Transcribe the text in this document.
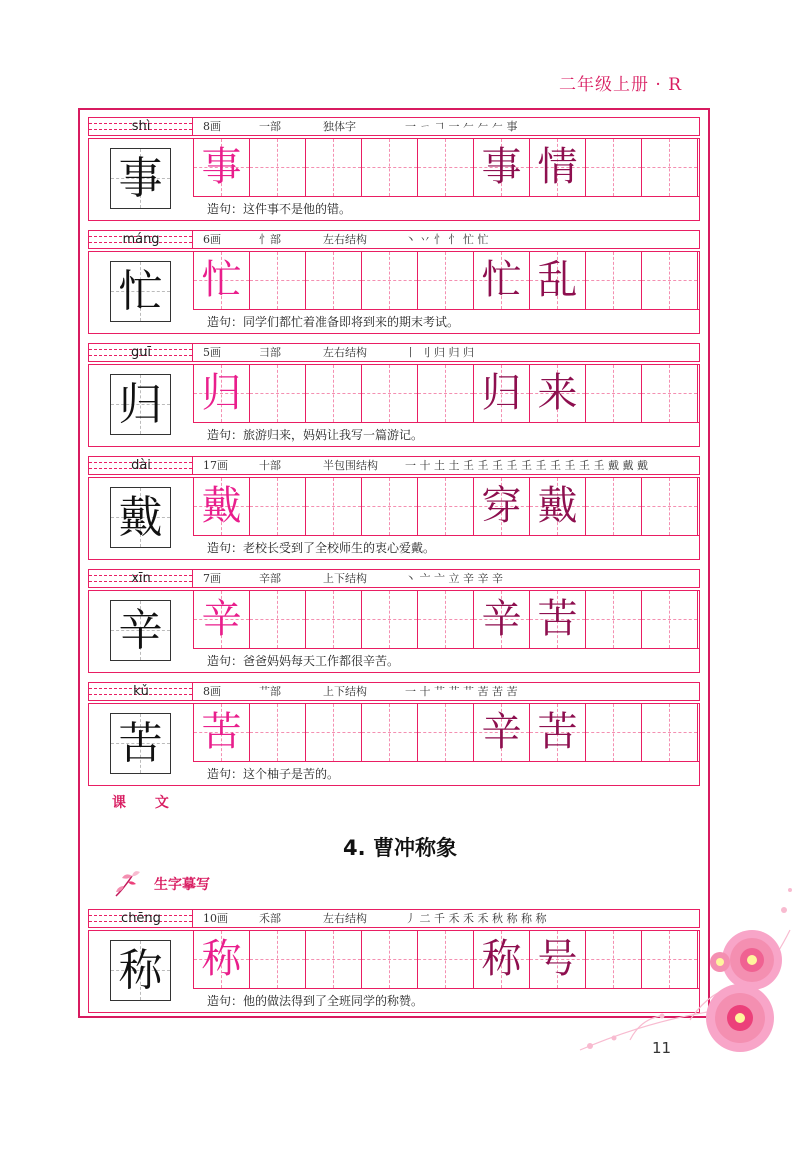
二年级上册 · R
shì	8画	一部	独体字	一 ㄧ 𠃍 ⼀ 𠂉 𠂉 𠂉 事
事 事	事 情
造句：这件事不是他的错。
máng	6画	忄部	左右结构	丶 丷 忄 忄 忙 忙
忙 忙	忙 乱
造句：同学们都忙着准备即将到来的期末考试。
guī	5画	彐部	左右结构	丨 刂 归 归 归
归 归	归 来
造句：旅游归来，妈妈让我写一篇游记。
dài	17画	十部	半包围结构 一 十 土 土 𡈼 𡈼 𡈼 𡈼 𡈼 𡈼 𡈼 𡈼 𡈼 𡈼 戴 戴 戴
戴 戴	穿 戴
造句：老校长受到了全校师生的衷心爱戴。
xīn	7画	辛部	上下结构	丶 亠 亠 立 辛 辛 辛
辛 辛	辛 苦
造句：爸爸妈妈每天工作都很辛苦。
kǔ	8画	艹部	上下结构	一 十 艹 艹 艹 苦 苦 苦
苦 苦	辛 苦
造句：这个柚子是苦的。
chēng	10画	禾部	左右结构	丿 二 千 禾 禾 禾 秋 称 称 称
称 称	称 号
造句：他的做法得到了全班同学的称赞。
课 文
4. 曹冲称象
生字摹写
11
